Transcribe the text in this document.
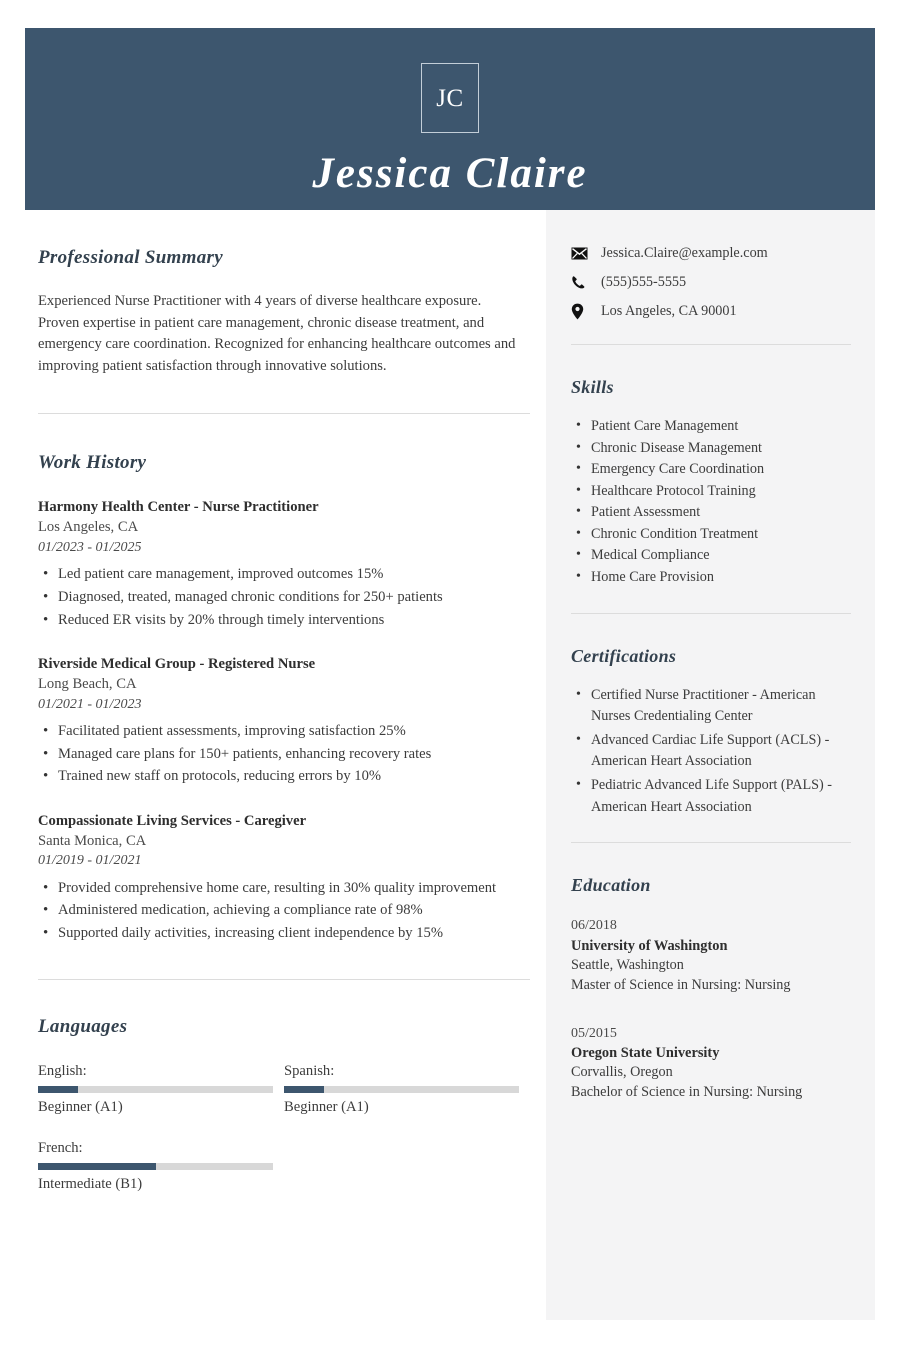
JC
Jessica Claire
Professional Summary

Experienced Nurse Practitioner with 4 years of diverse healthcare exposure. Proven expertise in patient care management, chronic disease treatment, and emergency care coordination. Recognized for enhancing healthcare outcomes and improving patient satisfaction through innovative solutions.

Work History
Harmony Health Center - Nurse Practitioner
Los Angeles, CA
01/2023 - 01/2025
• Led patient care management, improved outcomes 15%
• Diagnosed, treated, managed chronic conditions for 250+ patients
• Reduced ER visits by 20% through timely interventions
Riverside Medical Group - Registered Nurse
Long Beach, CA
01/2021 - 01/2023
• Facilitated patient assessments, improving satisfaction 25%
• Managed care plans for 150+ patients, enhancing recovery rates
• Trained new staff on protocols, reducing errors by 10%
Compassionate Living Services - Caregiver
Santa Monica, CA
01/2019 - 01/2021
• Provided comprehensive home care, resulting in 30% quality improvement
• Administered medication, achieving a compliance rate of 98%
• Supported daily activities, increasing client independence by 15%
Languages
English:
Beginner (A1)
Spanish:
Beginner (A1)
French:
Intermediate (B1)
Jessica.Claire@example.com
(555)555-5555
Los Angeles, CA 90001
Skills
• Patient Care Management
• Chronic Disease Management
• Emergency Care Coordination
• Healthcare Protocol Training
• Patient Assessment
• Chronic Condition Treatment
• Medical Compliance
• Home Care Provision
Certifications
• Certified Nurse Practitioner - American Nurses Credentialing Center
• Advanced Cardiac Life Support (ACLS) - American Heart Association
• Pediatric Advanced Life Support (PALS) - American Heart Association
Education
06/2018
University of Washington
Seattle, Washington
Master of Science in Nursing: Nursing
05/2015
Oregon State University
Corvallis, Oregon
Bachelor of Science in Nursing: Nursing
